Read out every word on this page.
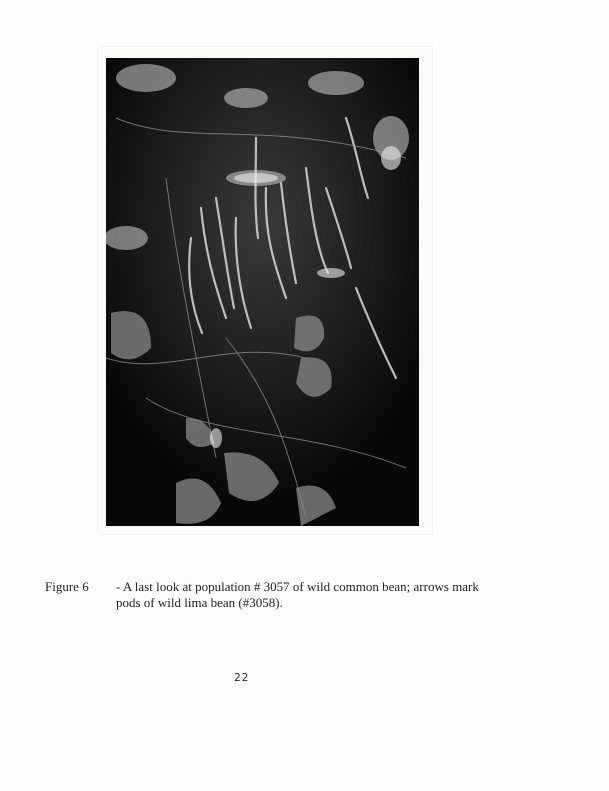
Figure 6 - A last look at population # 3057 of wild common bean; arrows mark pods of wild lima bean (#3058).
22
